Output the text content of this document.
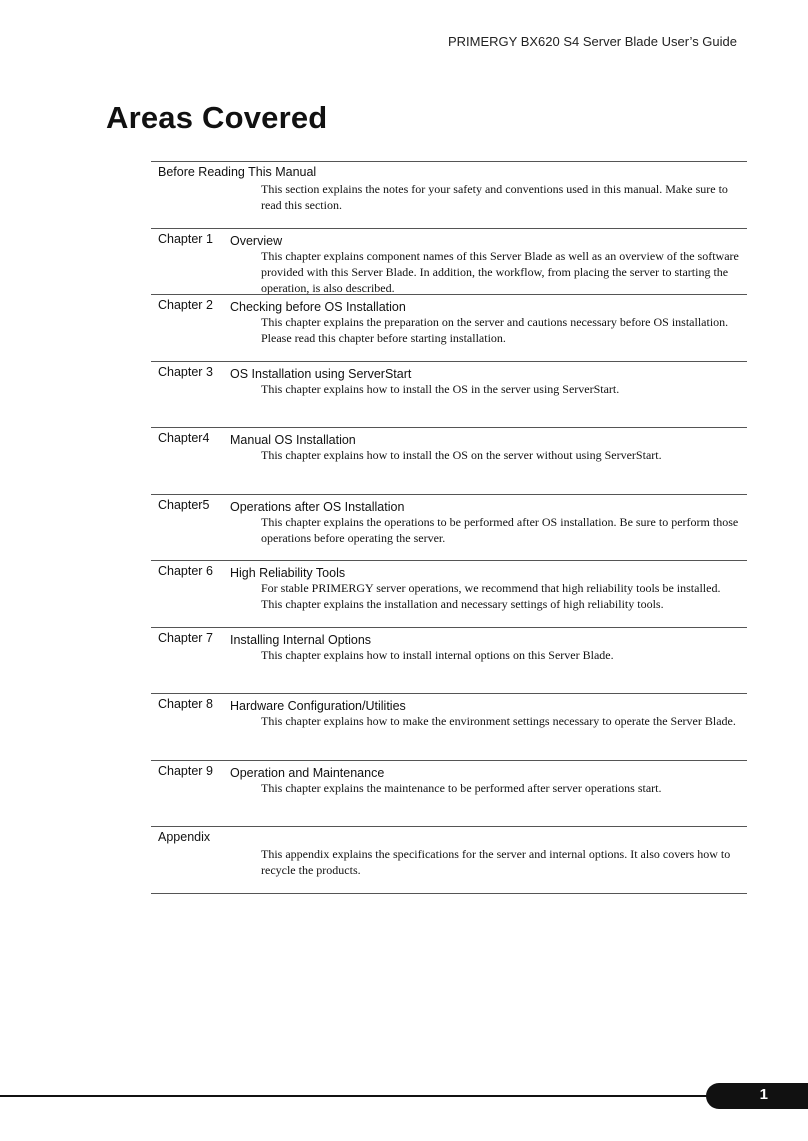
PRIMERGY BX620 S4 Server Blade User’s Guide
Areas Covered
Before Reading This Manual

This section explains the notes for your safety and conventions used in this manual. Make sure to read this section.

Chapter 1 Overview

This chapter explains component names of this Server Blade as well as an overview of the software provided with this Server Blade. In addition, the workflow, from placing the server to starting the operation, is also described.

Chapter 2 Checking before OS Installation

This chapter explains the preparation on the server and cautions necessary before OS installation. Please read this chapter before starting installation.

Chapter 3 OS Installation using ServerStart

This chapter explains how to install the OS in the server using ServerStart.

Chapter4 Manual OS Installation

This chapter explains how to install the OS on the server without using ServerStart.

Chapter5 Operations after OS Installation

This chapter explains the operations to be performed after OS installation. Be sure to perform those operations before operating the server.

Chapter 6 High Reliability Tools

For stable PRIMERGY server operations, we recommend that high reliability tools be installed. This chapter explains the installation and necessary settings of high reliability tools.

Chapter 7 Installing Internal Options

This chapter explains how to install internal options on this Server Blade.

Chapter 8 Hardware Configuration/Utilities

This chapter explains how to make the environment settings necessary to operate the Server Blade.

Chapter 9 Operation and Maintenance

This chapter explains the maintenance to be performed after server operations start.

Appendix

This appendix explains the specifications for the server and internal options. It also covers how to recycle the products.

1
